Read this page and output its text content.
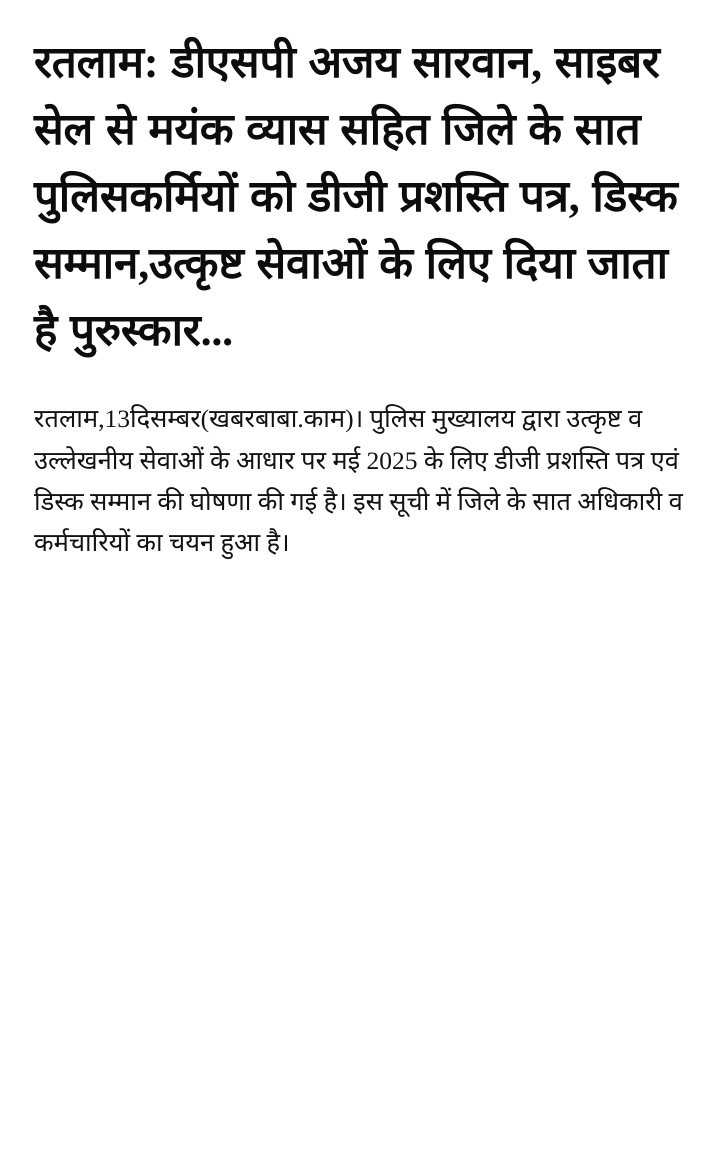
रतलाम: डीएसपी अजय सारवान, साइबर सेल से मयंक व्यास सहित जिले के सात पुलिसकर्मियों को डीजी प्रशस्ति पत्र, डिस्क सम्मान,उत्कृष्ट सेवाओं के लिए दिया जाता है पुरुस्कार...

रतलाम,13दिसम्बर(खबरबाबा.काम)। पुलिस मुख्यालय द्वारा उत्कृष्ट व उल्लेखनीय सेवाओं के आधार पर मई 2025 के लिए डीजी प्रशस्ति पत्र एवं डिस्क सम्मान की घोषणा की गई है। इस सूची में जिले के सात अधिकारी व कर्मचारियों का चयन हुआ है।
